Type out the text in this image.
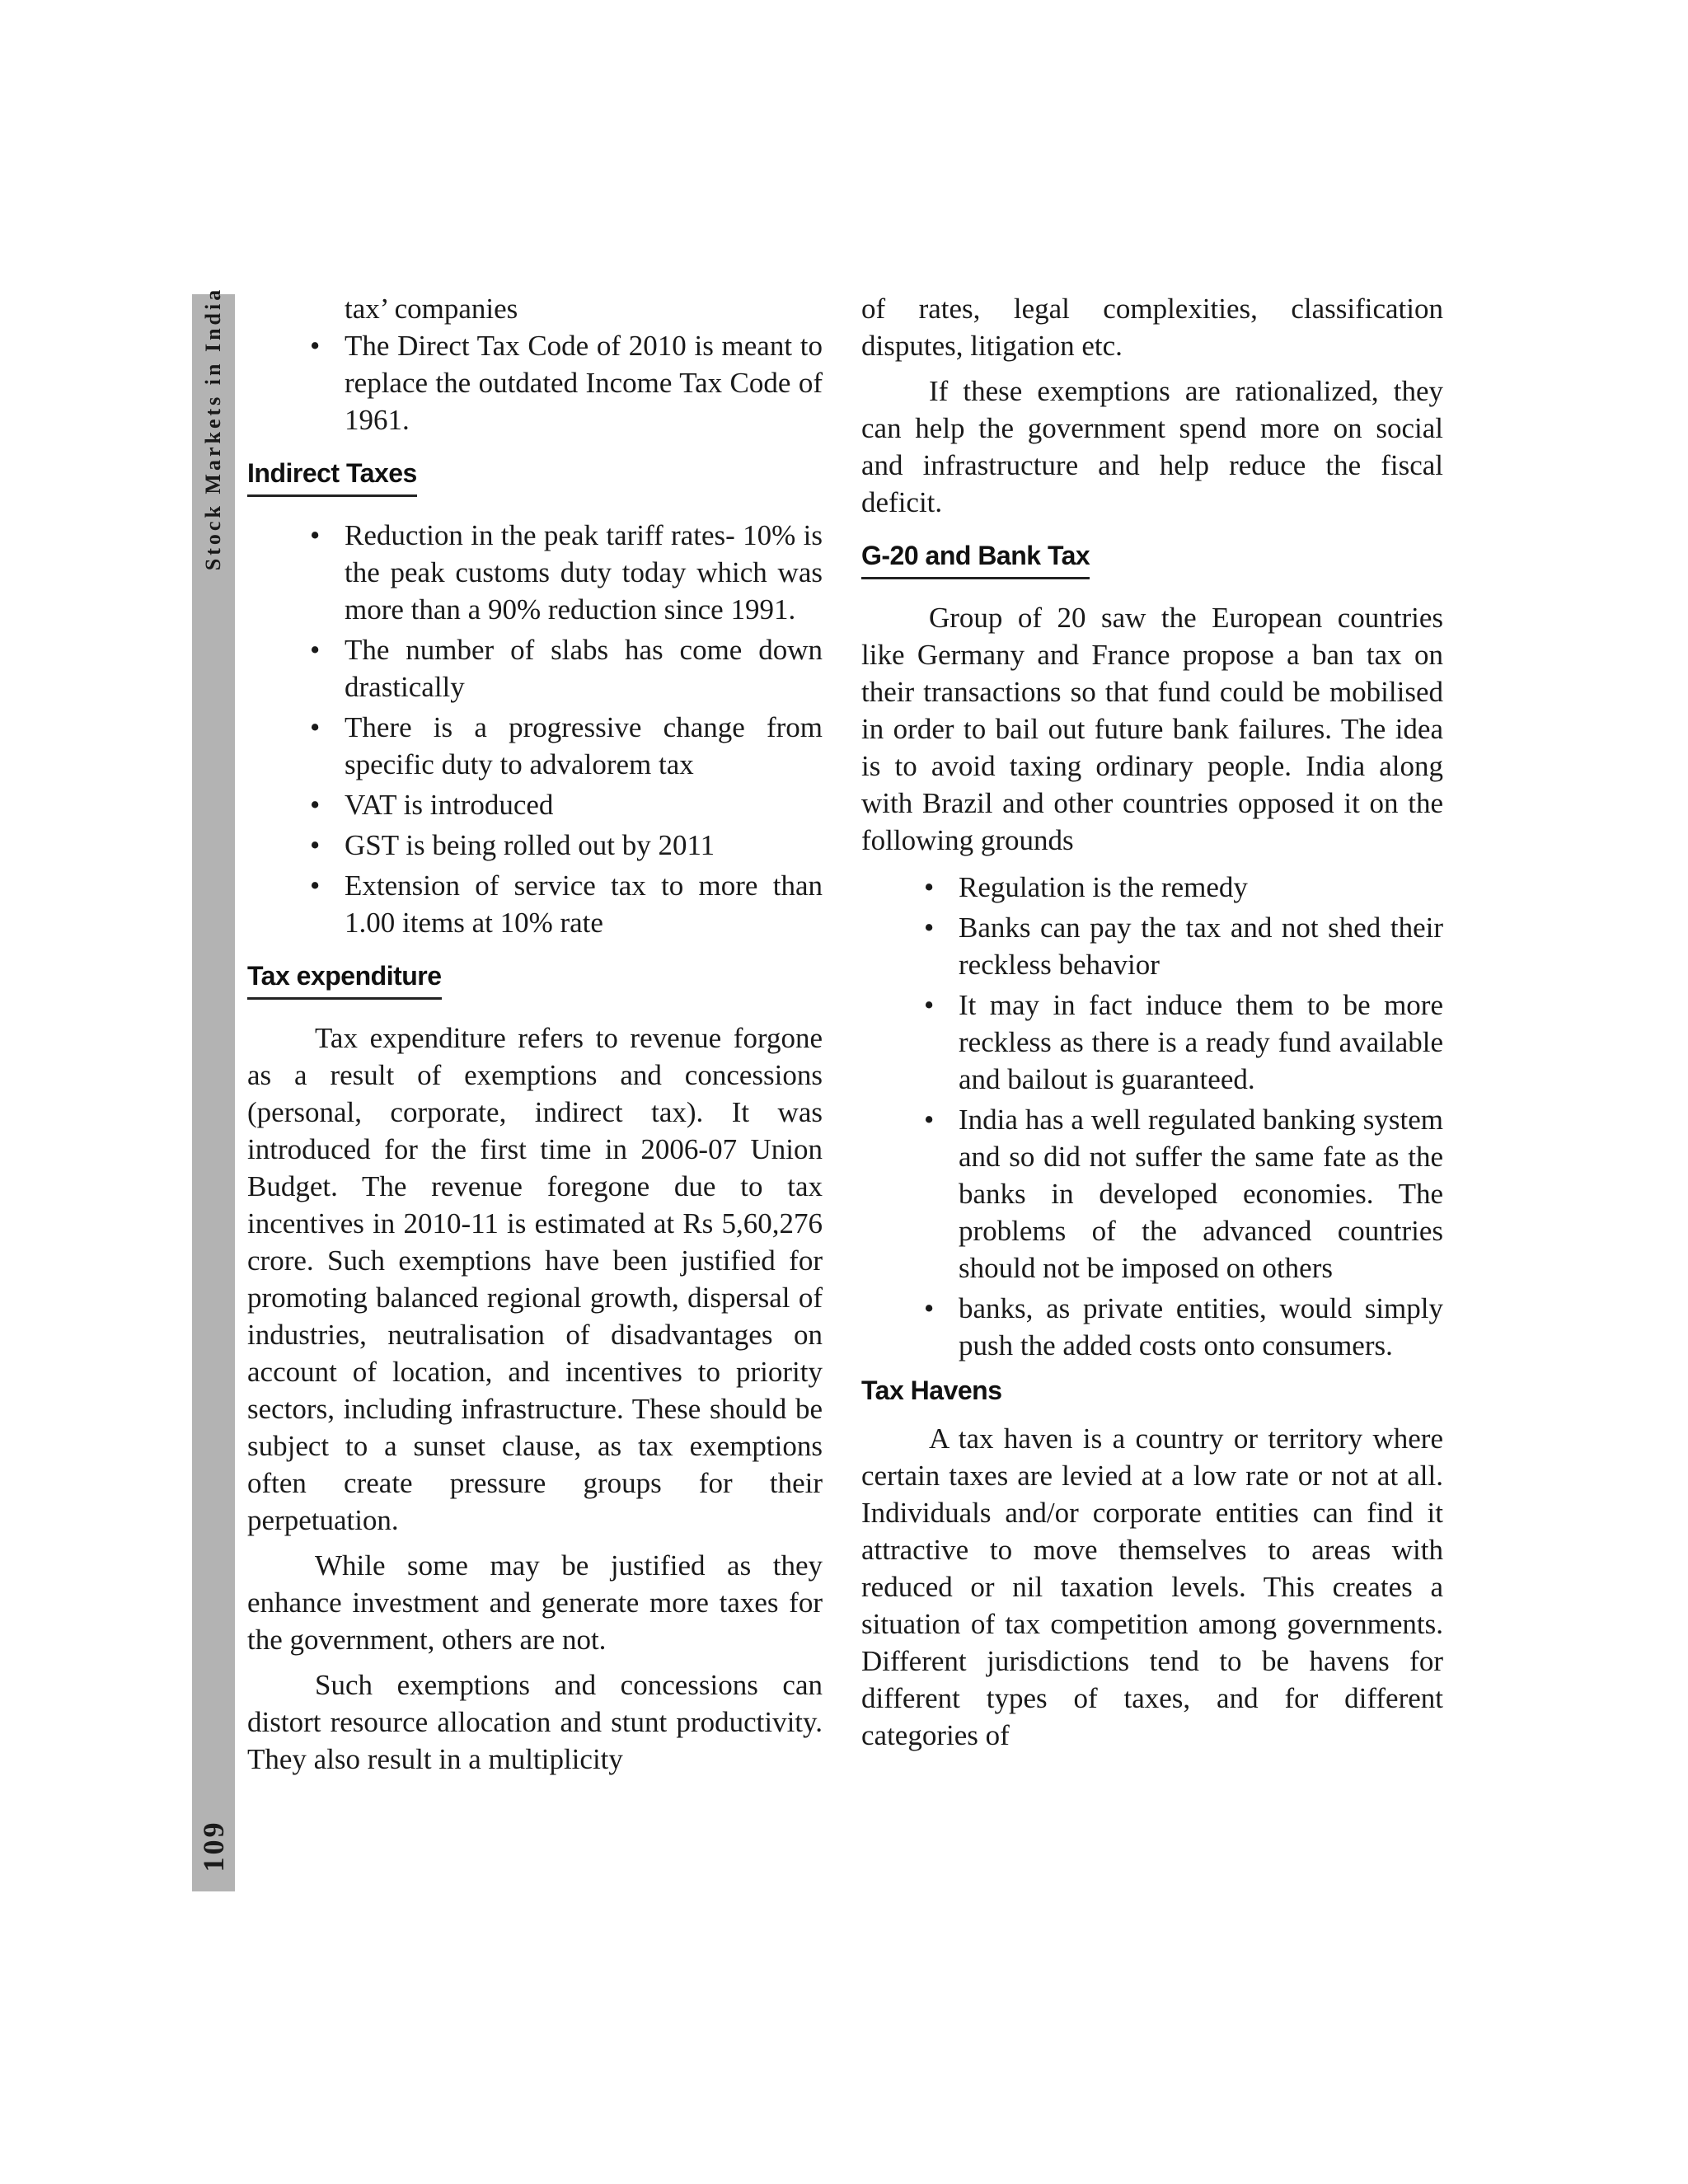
Stock Markets in India
109

tax’ companies

• The Direct Tax Code of 2010 is meant to replace the outdated Income Tax Code of 1961.
Indirect Taxes
• Reduction in the peak tariff rates- 10% is the peak customs duty today which was more than a 90% reduction since 1991.
• The number of slabs has come down drastically
• There is a progressive change from specific duty to advalorem tax
• VAT is introduced
• GST is being rolled out by 2011
• Extension of service tax to more than 1.00 items at 10% rate
Tax expenditure

Tax expenditure refers to revenue forgone as a result of exemptions and concessions (personal, corporate, indirect tax). It was introduced for the first time in 2006-07 Union Budget. The revenue foregone due to tax incentives in 2010-11 is estimated at Rs 5,60,276 crore. Such exemptions have been justified for promoting balanced regional growth, dispersal of industries, neutralisation of disadvantages on account of location, and incentives to priority sectors, including infrastructure. These should be subject to a sunset clause, as tax exemptions often create pressure groups for their perpetuation.

While some may be justified as they enhance investment and generate more taxes for the government, others are not.

Such exemptions and concessions can distort resource allocation and stunt productivity. They also result in a multiplicity

of rates, legal complexities, classification disputes, litigation etc.

If these exemptions are rationalized, they can help the government spend more on social and infrastructure and help reduce the fiscal deficit.

G-20 and Bank Tax

Group of 20 saw the European countries like Germany and France propose a ban tax on their transactions so that fund could be mobilised in order to bail out future bank failures. The idea is to avoid taxing ordinary people. India along with Brazil and other countries opposed it on the following grounds

• Regulation is the remedy
• Banks can pay the tax and not shed their reckless behavior
• It may in fact induce them to be more reckless as there is a ready fund available and bailout is guaranteed.
• India has a well regulated banking system and so did not suffer the same fate as the banks in developed economies. The problems of the advanced countries should not be imposed on others
• banks, as private entities, would simply push the added costs onto consumers.
Tax Havens

A tax haven is a country or territory where certain taxes are levied at a low rate or not at all. Individuals and/or corporate entities can find it attractive to move themselves to areas with reduced or nil taxation levels. This creates a situation of tax competition among governments. Different jurisdictions tend to be havens for different types of taxes, and for different categories of
